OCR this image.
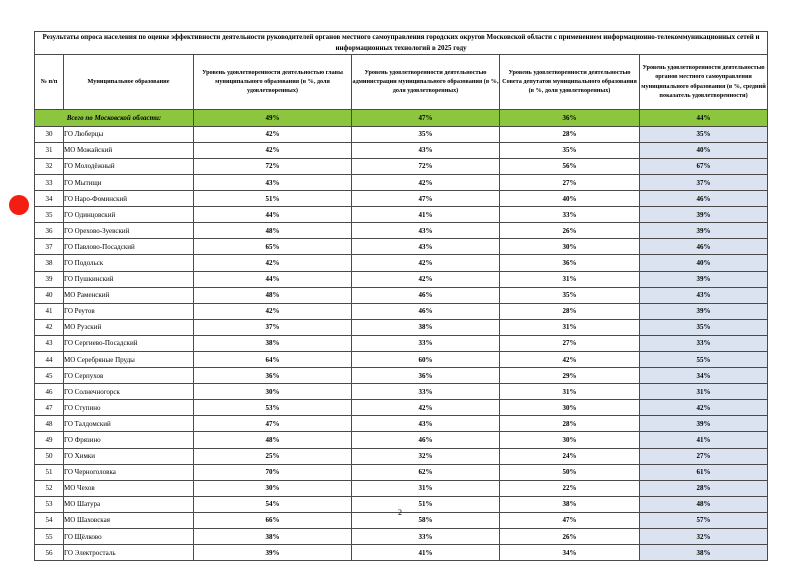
Результаты опроса населения по оценке эффективности деятельности руководителей органов местного самоуправления городских округов Московской области с применением информационно-телекоммуникационных сетей и информационных технологий в 2025 году					
№ п/п	Муниципальное образование	Уровень удовлетворенности деятельностью главы муниципального образования (в %, доля удовлетворенных)	Уровень удовлетворенности деятельностью администрации муниципального образования (в %, доля удовлетворенных)	Уровень удовлетворенности деятельностью Совета депутатов муниципального образования (в %, доля удовлетворенных)	Уровень удовлетворенности деятельностью органов местного самоуправления муниципального образования (в %, средний показатель удовлетворенности)
Всего по Московской области:		49%	47%	36%	44%
30	ГО Люберцы	42%	35%	28%	35%
31	МО Можайский	42%	43%	35%	40%
32	ГО Молодёжный	72%	72%	56%	67%
33	ГО Мытищи	43%	42%	27%	37%
34	ГО Наро-Фоминский	51%	47%	40%	46%
35	ГО Одинцовский	44%	41%	33%	39%
36	ГО Орехово-Зуевский	48%	43%	26%	39%
37	ГО Павлово-Посадский	65%	43%	30%	46%
38	ГО Подольск	42%	42%	36%	40%
39	ГО Пушкинский	44%	42%	31%	39%
40	МО Раменский	48%	46%	35%	43%
41	ГО Реутов	42%	46%	28%	39%
42	МО Рузский	37%	38%	31%	35%
43	ГО Сергиево-Посадский	38%	33%	27%	33%
44	МО Серебряные Пруды	64%	60%	42%	55%
45	ГО Серпухов	36%	36%	29%	34%
46	ГО Солнечногорск	30%	33%	31%	31%
47	ГО Ступино	53%	42%	30%	42%
48	ГО Талдомский	47%	43%	28%	39%
49	ГО Фрязино	48%	46%	30%	41%
50	ГО Химки	25%	32%	24%	27%
51	ГО Черноголовка	70%	62%	50%	61%
52	МО Чехов	30%	31%	22%	28%
53	МО Шатура	54%	51%	38%	48%
54	МО Шаховская	66%	58%	47%	57%
55	ГО Щёлково	38%	33%	26%	32%
56	ГО Электросталь	39%	41%	34%	38%
2
